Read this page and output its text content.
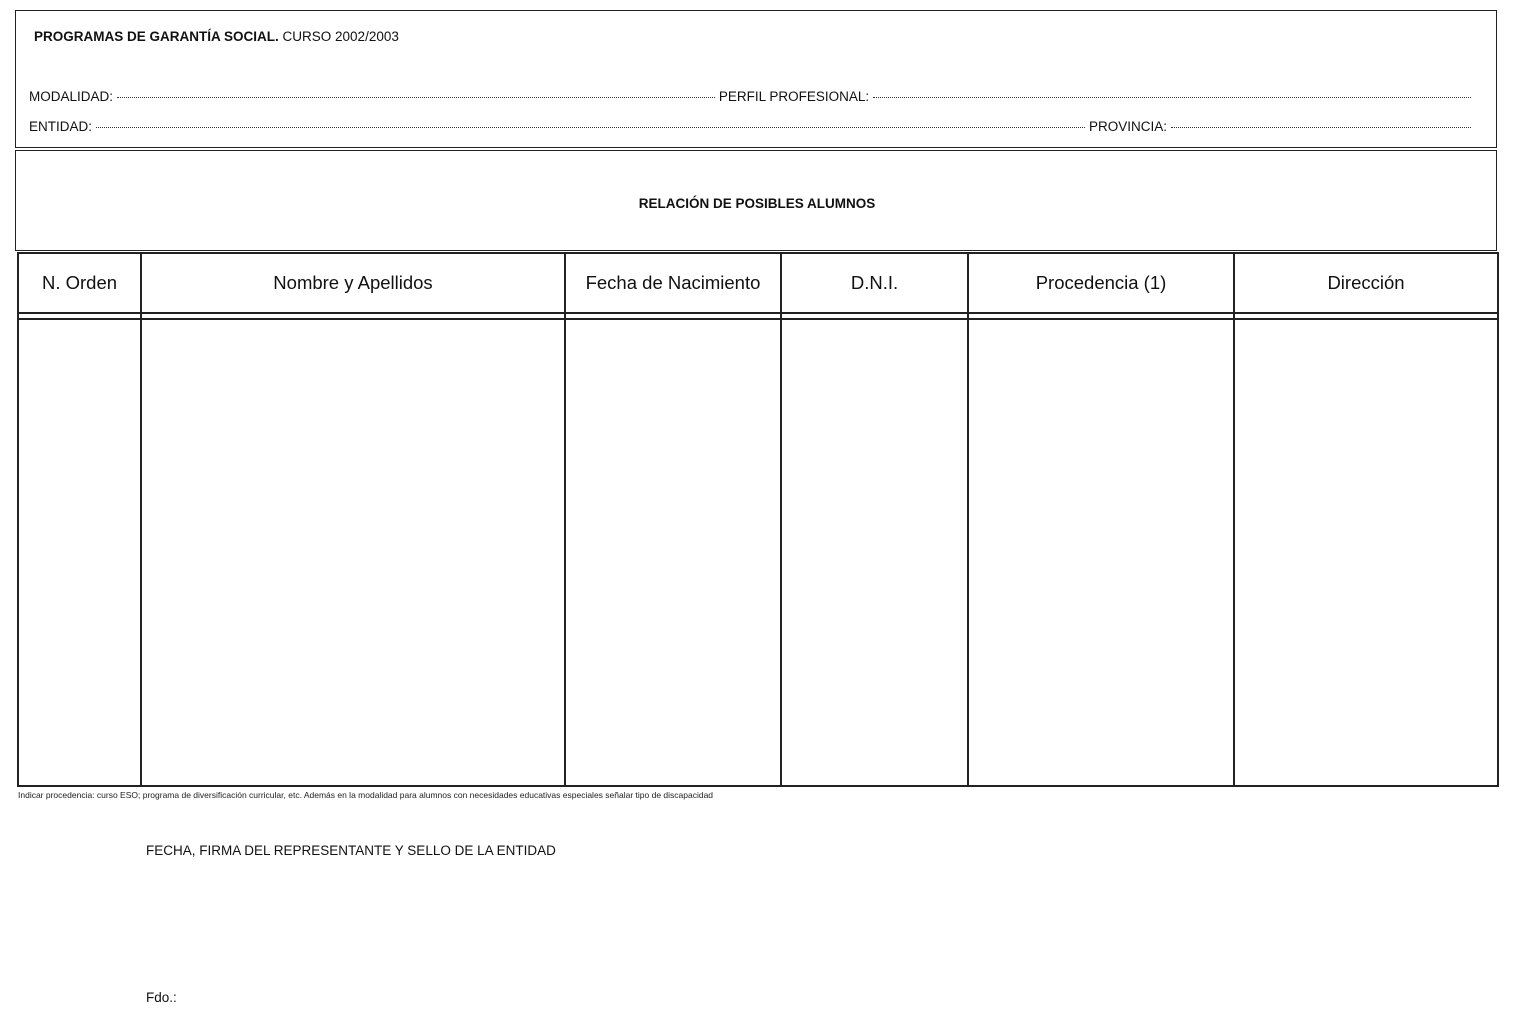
PROGRAMAS DE GARANTÍA SOCIAL. CURSO 2002/2003
MODALIDAD:	PERFIL PROFESIONAL:
ENTIDAD:	PROVINCIA:
RELACIÓN DE POSIBLES ALUMNOS
N. Orden	Nombre y Apellidos	Fecha de Nacimiento	D.N.I.	Procedencia (1)	Dirección

Indicar procedencia: curso ESO; programa de diversificación curricular, etc. Además en la modalidad para alumnos con necesidades educativas especiales señalar tipo de discapacidad
FECHA, FIRMA DEL REPRESENTANTE Y SELLO DE LA ENTIDAD
Fdo.:
